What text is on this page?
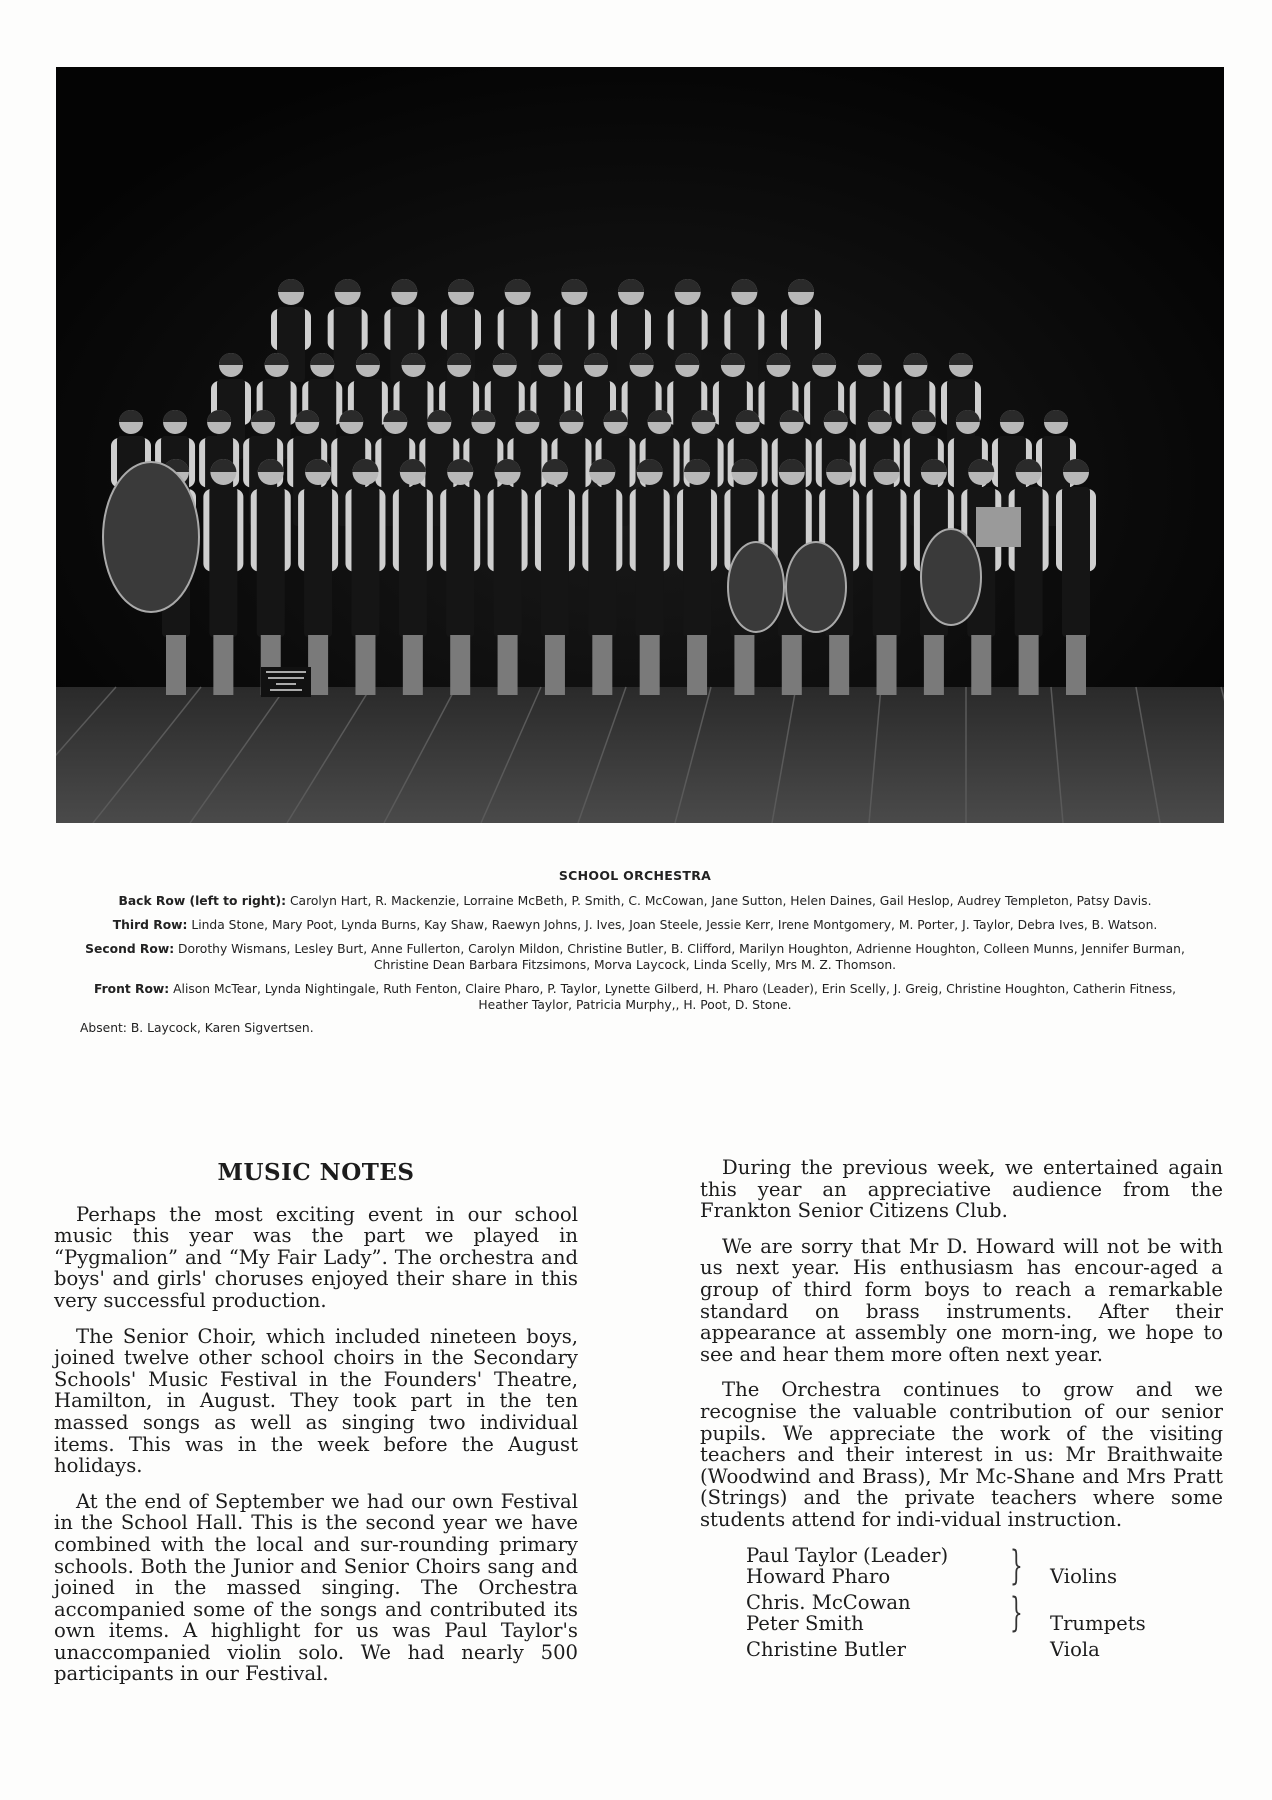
SCHOOL ORCHESTRA
Back Row (left to right): Carolyn Hart, R. Mackenzie, Lorraine McBeth, P. Smith, C. McCowan, Jane Sutton, Helen Daines, Gail Heslop, Audrey Templeton, Patsy Davis.
Third Row: Linda Stone, Mary Poot, Lynda Burns, Kay Shaw, Raewyn Johns, J. Ives, Joan Steele, Jessie Kerr, Irene Montgomery, M. Porter, J. Taylor, Debra Ives, B. Watson.
Second Row: Dorothy Wismans, Lesley Burt, Anne Fullerton, Carolyn Mildon, Christine Butler, B. Clifford, Marilyn Houghton, Adrienne Houghton, Colleen Munns, Jennifer Burman, Christine Dean Barbara Fitzsimons, Morva Laycock, Linda Scelly, Mrs M. Z. Thomson.
Front Row: Alison McTear, Lynda Nightingale, Ruth Fenton, Claire Pharo, P. Taylor, Lynette Gilberd, H. Pharo (Leader), Erin Scelly, J. Greig, Christine Houghton, Catherin Fitness, Heather Taylor, Patricia Murphy,, H. Poot, D. Stone.
Absent: B. Laycock, Karen Sigvertsen.
MUSIC NOTES

Perhaps the most exciting event in our school music this year was the part we played in “Pygmalion” and “My Fair Lady”. The orchestra and boys' and girls' choruses enjoyed their share in this very successful production.

The Senior Choir, which included nineteen boys, joined twelve other school choirs in the Secondary Schools' Music Festival in the Founders' Theatre, Hamilton, in August. They took part in the ten massed songs as well as singing two individual items. This was in the week before the August holidays.

At the end of September we had our own Festival in the School Hall. This is the second year we have combined with the local and sur-rounding primary schools. Both the Junior and Senior Choirs sang and joined in the massed singing. The Orchestra accompanied some of the songs and contributed its own items. A highlight for us was Paul Taylor's unaccompanied violin solo. We had nearly 500 participants in our Festival.

During the previous week, we entertained again this year an appreciative audience from the Frankton Senior Citizens Club.

We are sorry that Mr D. Howard will not be with us next year. His enthusiasm has encour-aged a group of third form boys to reach a remarkable standard on brass instruments. After their appearance at assembly one morn-ing, we hope to see and hear them more often next year.

The Orchestra continues to grow and we recognise the valuable contribution of our senior pupils. We appreciate the work of the visiting teachers and their interest in us: Mr Braithwaite (Woodwind and Brass), Mr Mc-Shane and Mrs Pratt (Strings) and the private teachers where some students attend for indi-vidual instruction.

Paul Taylor (Leader)
Howard Pharo	}	Violins
Chris. McCowan
Peter Smith	}	Trumpets
Christine Butler	Viola
